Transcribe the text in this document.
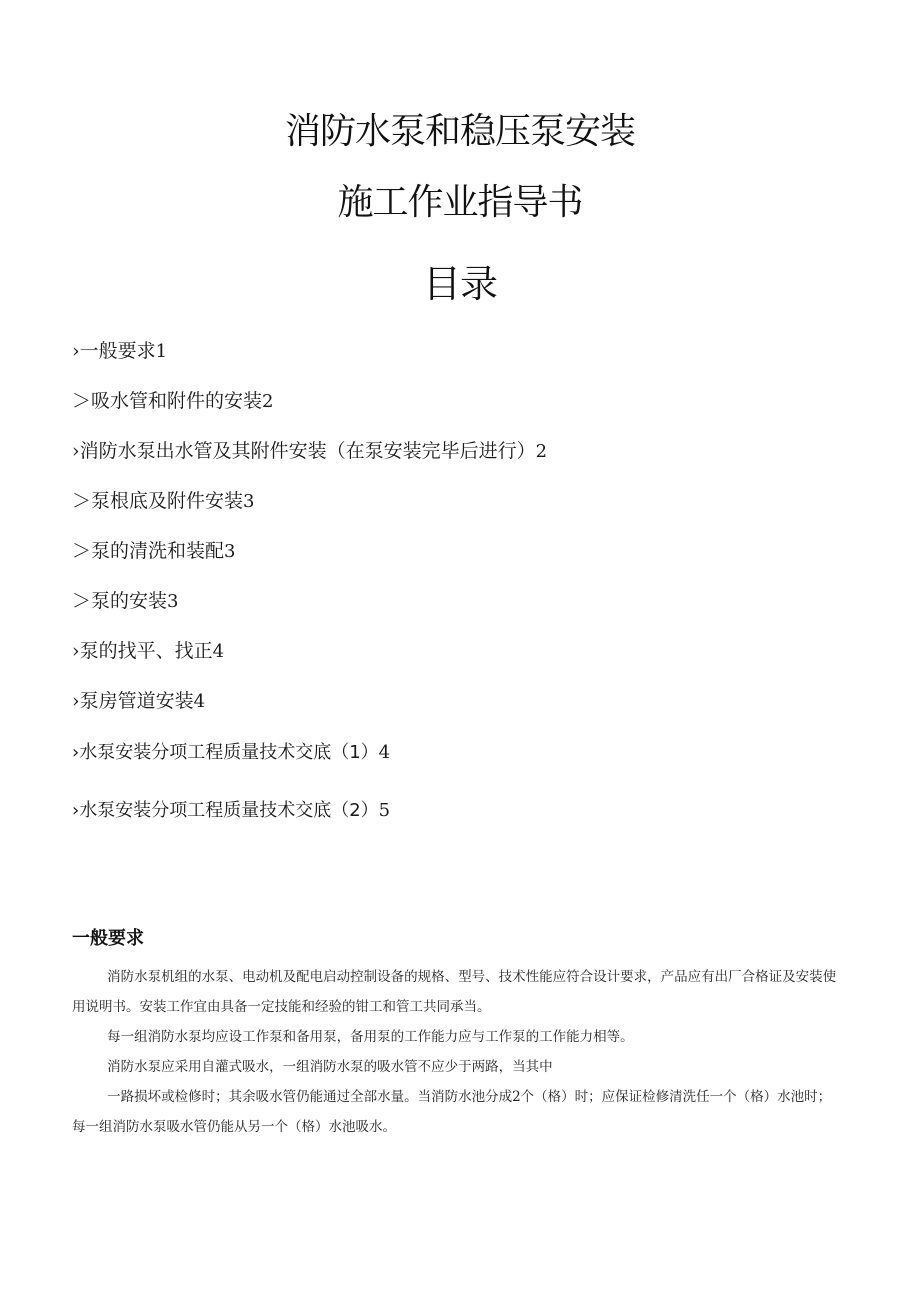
消防水泵和稳压泵安装
施工作业指导书
目录
›一般要求1
＞吸水管和附件的安装2
›消防水泵出水管及其附件安装（在泵安装完毕后进行）2
＞泵根底及附件安装3
＞泵的清洗和装配3
＞泵的安装3
›泵的找平、找正4
›泵房管道安装4
›水泵安装分项工程质量技术交底（1）4
›水泵安装分项工程质量技术交底（2）5
一般要求

消防水泵机组的水泵、电动机及配电启动控制设备的规格、型号、技术性能应符合设计要求，产品应有出厂合格证及安装使用说明书。安装工作宜由具备一定技能和经验的钳工和管工共同承当。

每一组消防水泵均应设工作泵和备用泵，备用泵的工作能力应与工作泵的工作能力相等。

消防水泵应采用自灌式吸水，一组消防水泵的吸水管不应少于两路，当其中

一路损坏或检修时；其余吸水管仍能通过全部水量。当消防水池分成2个（格）时；应保证检修清洗任一个（格）水池时；每一组消防水泵吸水管仍能从另一个（格）水池吸水。
